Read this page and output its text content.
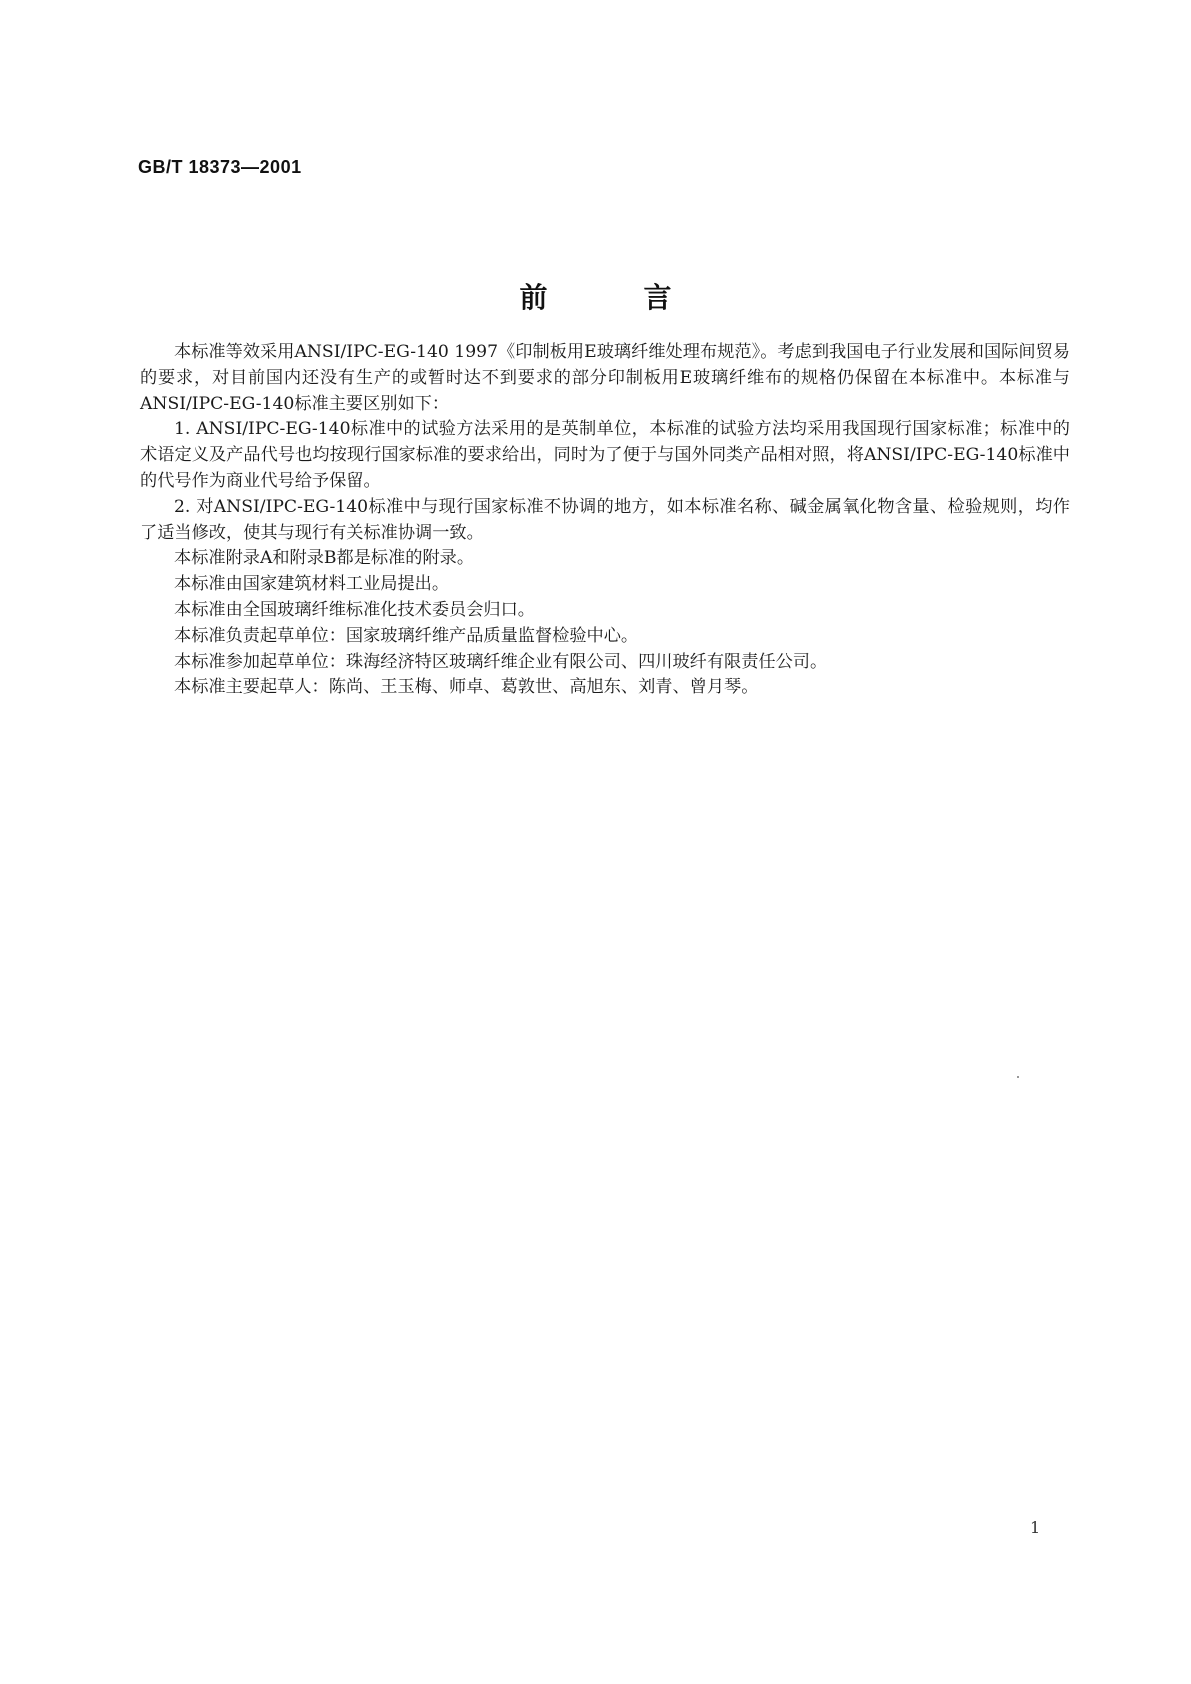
GB/T 18373—2001
前	言

本标准等效采用ANSI/IPC-EG-140 1997《印制板用E玻璃纤维处理布规范》。考虑到我国电子行业发展和国际间贸易的要求，对目前国内还没有生产的或暂时达不到要求的部分印制板用E玻璃纤维布的规格仍保留在本标准中。本标准与ANSI/IPC-EG-140标准主要区别如下：

1. ANSI/IPC-EG-140标准中的试验方法采用的是英制单位，本标准的试验方法均采用我国现行国家标准；标准中的术语定义及产品代号也均按现行国家标准的要求给出，同时为了便于与国外同类产品相对照，将ANSI/IPC-EG-140标准中的代号作为商业代号给予保留。

2. 对ANSI/IPC-EG-140标准中与现行国家标准不协调的地方，如本标准名称、碱金属氧化物含量、检验规则，均作了适当修改，使其与现行有关标准协调一致。

本标准附录A和附录B都是标准的附录。

本标准由国家建筑材料工业局提出。

本标准由全国玻璃纤维标准化技术委员会归口。

本标准负责起草单位：国家玻璃纤维产品质量监督检验中心。

本标准参加起草单位：珠海经济特区玻璃纤维企业有限公司、四川玻纤有限责任公司。

本标准主要起草人：陈尚、王玉梅、师卓、葛敦世、高旭东、刘青、曾月琴。

1
